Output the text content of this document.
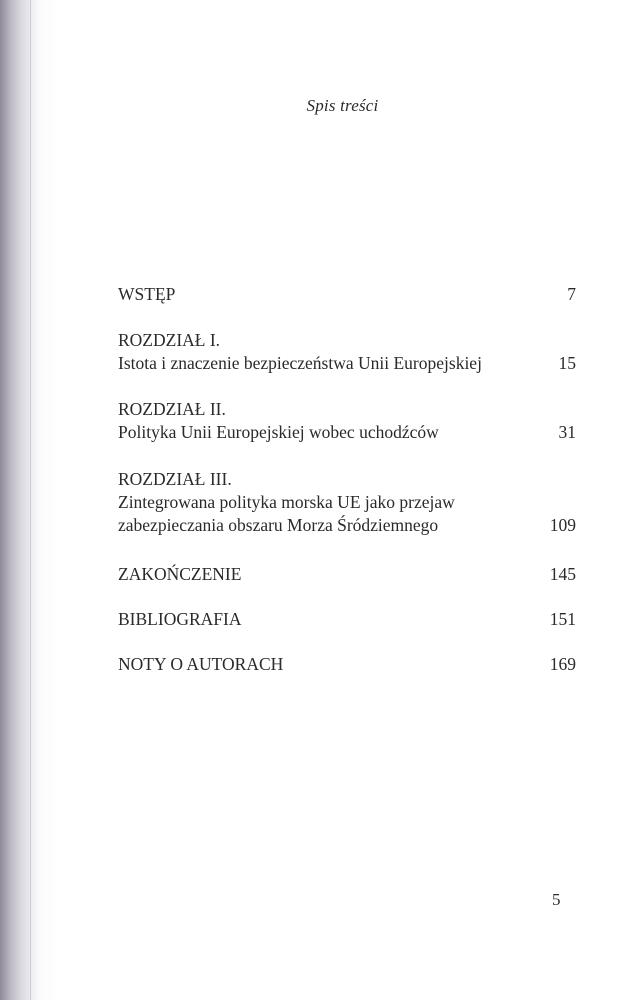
Spis treści
WSTĘP	7
ROZDZIAŁ I.
Istota i znaczenie bezpieczeństwa Unii Europejskiej	15
ROZDZIAŁ II.
Polityka Unii Europejskiej wobec uchodźców	31
ROZDZIAŁ III.
Zintegrowana polityka morska UE jako przejaw
zabezpieczania obszaru Morza Śródziemnego	109
ZAKOŃCZENIE	145
BIBLIOGRAFIA	151
NOTY O AUTORACH	169
5
